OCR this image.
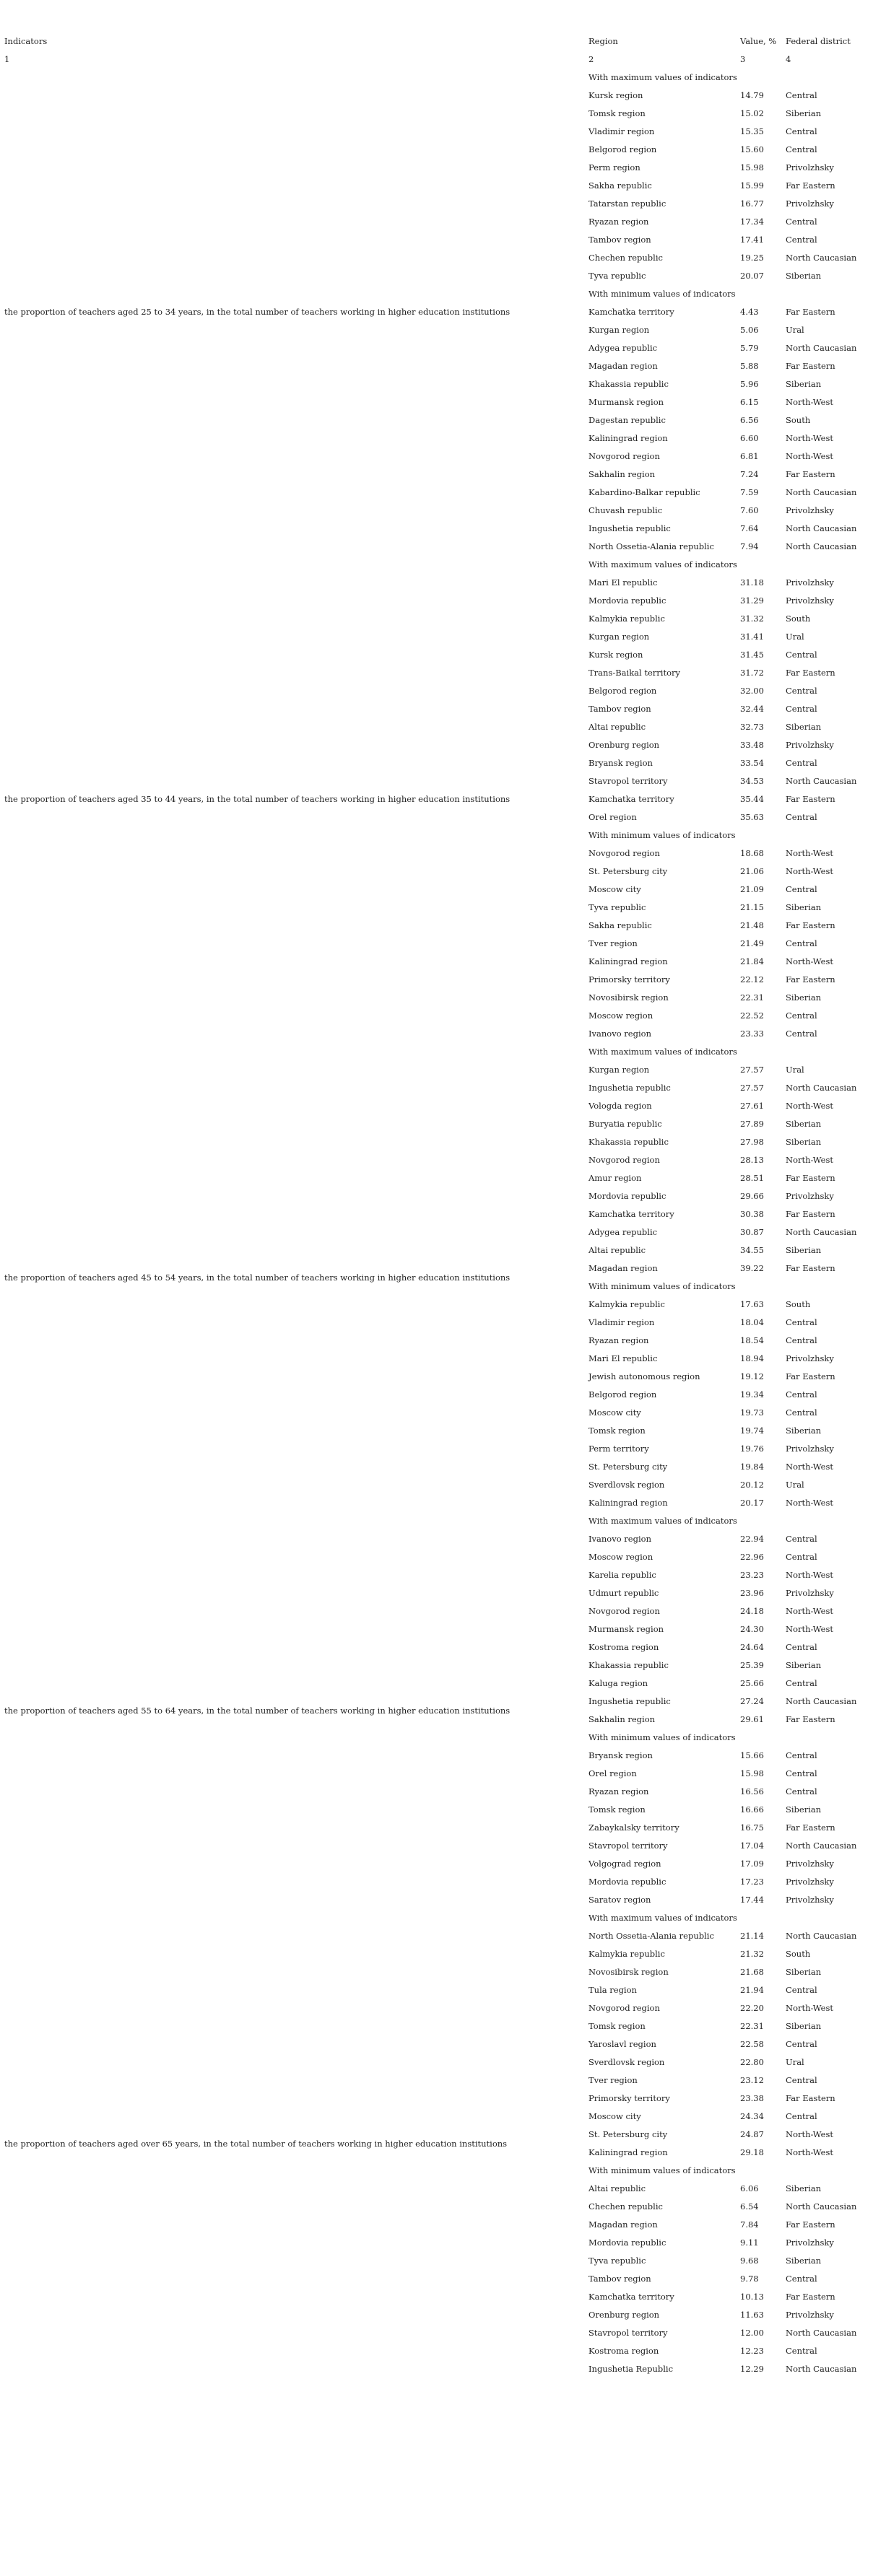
Indicators	Region	Value, %	Federal district
1	2	3	4
the proportion of teachers aged 25 to 34 years, in the total number of teachers working in higher education institutions	With maximum values of indicators		
	Kursk region	14.79	Central
	Tomsk region	15.02	Siberian
	Vladimir region	15.35	Central
	Belgorod region	15.60	Central
	Perm region	15.98	Privolzhsky
	Sakha republic	15.99	Far Eastern
	Tatarstan republic	16.77	Privolzhsky
	Ryazan region	17.34	Central
	Tambov region	17.41	Central
	Chechen republic	19.25	North Caucasian
	Tyva republic	20.07	Siberian
	With minimum values of indicators		
	Kamchatka territory	4.43	Far Eastern
	Kurgan region	5.06	Ural
	Adygea republic	5.79	North Caucasian
	Magadan region	5.88	Far Eastern
	Khakassia republic	5.96	Siberian
	Murmansk region	6.15	North-West
	Dagestan republic	6.56	South
	Kaliningrad region	6.60	North-West
	Novgorod region	6.81	North-West
	Sakhalin region	7.24	Far Eastern
	Kabardino-Balkar republic	7.59	North Caucasian
	Chuvash republic	7.60	Privolzhsky
	Ingushetia republic	7.64	North Caucasian
	North Ossetia-Alania republic	7.94	North Caucasian
the proportion of teachers aged 35 to 44 years, in the total number of teachers working in higher education institutions	With maximum values of indicators		
	Mari El republic	31.18	Privolzhsky
	Mordovia republic	31.29	Privolzhsky
	Kalmykia republic	31.32	South
	Kurgan region	31.41	Ural
	Kursk region	31.45	Central
	Trans-Baikal territory	31.72	Far Eastern
	Belgorod region	32.00	Central
	Tambov region	32.44	Central
	Altai republic	32.73	Siberian
	Orenburg region	33.48	Privolzhsky
	Bryansk region	33.54	Central
	Stavropol territory	34.53	North Caucasian
	Kamchatka territory	35.44	Far Eastern
	Orel region	35.63	Central
	With minimum values of indicators		
	Novgorod region	18.68	North-West
	St. Petersburg city	21.06	North-West
	Moscow city	21.09	Central
	Tyva republic	21.15	Siberian
	Sakha republic	21.48	Far Eastern
	Tver region	21.49	Central
	Kaliningrad region	21.84	North-West
	Primorsky territory	22.12	Far Eastern
	Novosibirsk region	22.31	Siberian
	Moscow region	22.52	Central
	Ivanovo region	23.33	Central
the proportion of teachers aged 45 to 54 years, in the total number of teachers working in higher education institutions	With maximum values of indicators		
	Kurgan region	27.57	Ural
	Ingushetia republic	27.57	North Caucasian
	Vologda region	27.61	North-West
	Buryatia republic	27.89	Siberian
	Khakassia republic	27.98	Siberian
	Novgorod region	28.13	North-West
	Amur region	28.51	Far Eastern
	Mordovia republic	29.66	Privolzhsky
	Kamchatka territory	30.38	Far Eastern
	Adygea republic	30.87	North Caucasian
	Altai republic	34.55	Siberian
	Magadan region	39.22	Far Eastern
	With minimum values of indicators		
	Kalmykia republic	17.63	South
	Vladimir region	18.04	Central
	Ryazan region	18.54	Central
	Mari El republic	18.94	Privolzhsky
	Jewish autonomous region	19.12	Far Eastern
	Belgorod region	19.34	Central
	Moscow city	19.73	Central
	Tomsk region	19.74	Siberian
	Perm territory	19.76	Privolzhsky
	St. Petersburg city	19.84	North-West
	Sverdlovsk region	20.12	Ural
	Kaliningrad region	20.17	North-West
the proportion of teachers aged 55 to 64 years, in the total number of teachers working in higher education institutions	With maximum values of indicators		
	Ivanovo region	22.94	Central
	Moscow region	22.96	Central
	Karelia republic	23.23	North-West
	Udmurt republic	23.96	Privolzhsky
	Novgorod region	24.18	North-West
	Murmansk region	24.30	North-West
	Kostroma region	24.64	Central
	Khakassia republic	25.39	Siberian
	Kaluga region	25.66	Central
	Ingushetia republic	27.24	North Caucasian
	Sakhalin region	29.61	Far Eastern
	With minimum values of indicators		
	Bryansk region	15.66	Central
	Orel region	15.98	Central
	Ryazan region	16.56	Central
	Tomsk region	16.66	Siberian
	Zabaykalsky territory	16.75	Far Eastern
	Stavropol territory	17.04	North Caucasian
	Volgograd region	17.09	Privolzhsky
	Mordovia republic	17.23	Privolzhsky
	Saratov region	17.44	Privolzhsky
the proportion of teachers aged over 65 years, in the total number of teachers working in higher education institutions	With maximum values of indicators		
	North Ossetia-Alania republic	21.14	North Caucasian
	Kalmykia republic	21.32	South
	Novosibirsk region	21.68	Siberian
	Tula region	21.94	Central
	Novgorod region	22.20	North-West
	Tomsk region	22.31	Siberian
	Yaroslavl region	22.58	Central
	Sverdlovsk region	22.80	Ural
	Tver region	23.12	Central
	Primorsky territory	23.38	Far Eastern
	Moscow city	24.34	Central
	St. Petersburg city	24.87	North-West
	Kaliningrad region	29.18	North-West
	With minimum values of indicators		
	Altai republic	6.06	Siberian
	Chechen republic	6.54	North Caucasian
	Magadan region	7.84	Far Eastern
	Mordovia republic	9.11	Privolzhsky
	Tyva republic	9.68	Siberian
	Tambov region	9.78	Central
	Kamchatka territory	10.13	Far Eastern
	Orenburg region	11.63	Privolzhsky
	Stavropol territory	12.00	North Caucasian
	Kostroma region	12.23	Central
	Ingushetia Republic	12.29	North Caucasian
